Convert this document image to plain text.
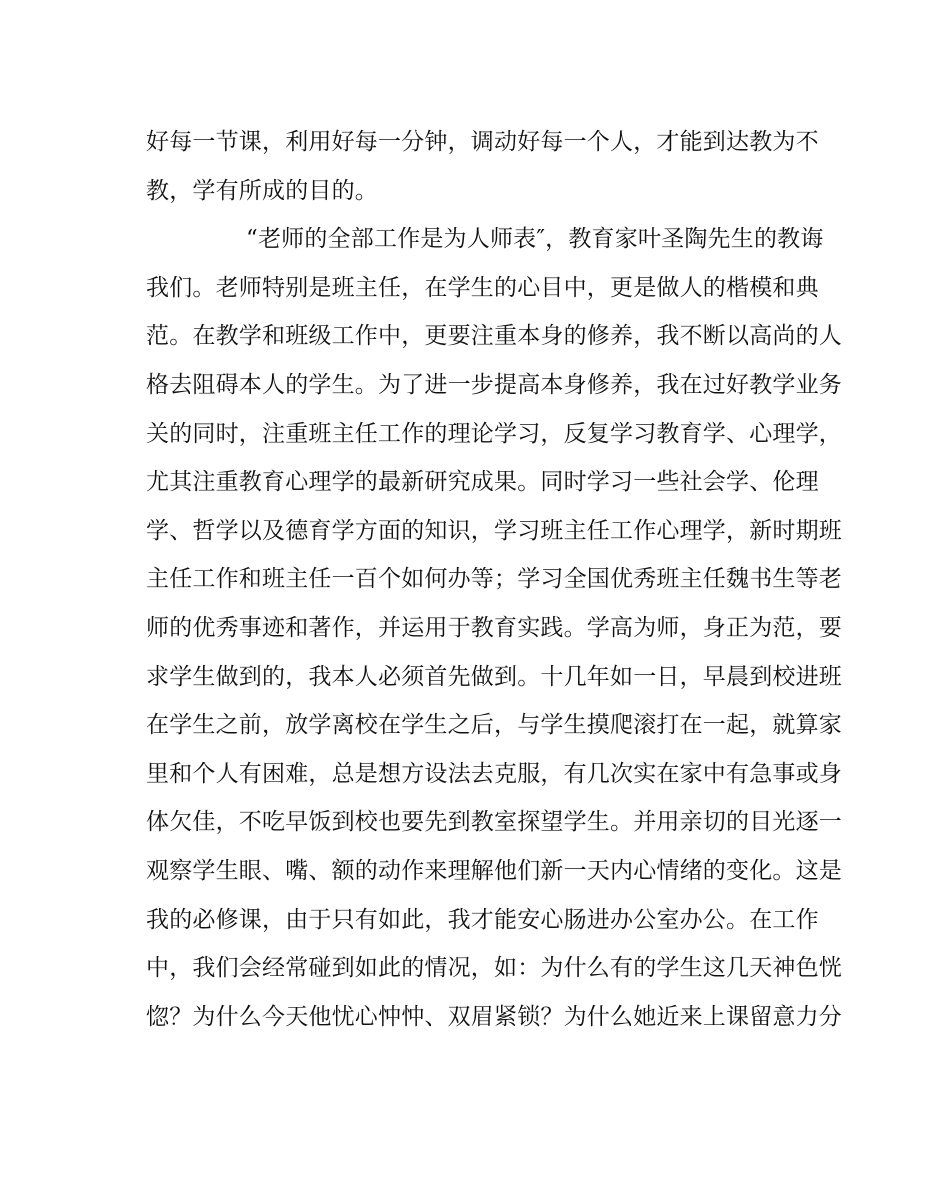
好每一节课，利用好每一分钟，调动好每一个人，才能到达教为不
教，学有所成的目的。
“老师的全部工作是为人师表″，教育家叶圣陶先生的教诲
我们。老师特别是班主任，在学生的心目中，更是做人的楷模和典
范。在教学和班级工作中，更要注重本身的修养，我不断以高尚的人
格去阻碍本人的学生。为了进一步提高本身修养，我在过好教学业务
关的同时，注重班主任工作的理论学习，反复学习教育学、心理学，
尤其注重教育心理学的最新研究成果。同时学习一些社会学、伦理
学、哲学以及德育学方面的知识，学习班主任工作心理学，新时期班
主任工作和班主任一百个如何办等；学习全国优秀班主任魏书生等老
师的优秀事迹和著作，并运用于教育实践。学高为师，身正为范，要
求学生做到的，我本人必须首先做到。十几年如一日，早晨到校进班
在学生之前，放学离校在学生之后，与学生摸爬滚打在一起，就算家
里和个人有困难，总是想方设法去克服，有几次实在家中有急事或身
体欠佳，不吃早饭到校也要先到教室探望学生。并用亲切的目光逐一
观察学生眼、嘴、额的动作来理解他们新一天内心情绪的变化。这是
我的必修课，由于只有如此，我才能安心肠进办公室办公。在工作
中，我们会经常碰到如此的情况，如：为什么有的学生这几天神色恍
惚？为什么今天他忧心忡忡、双眉紧锁？为什么她近来上课留意力分
